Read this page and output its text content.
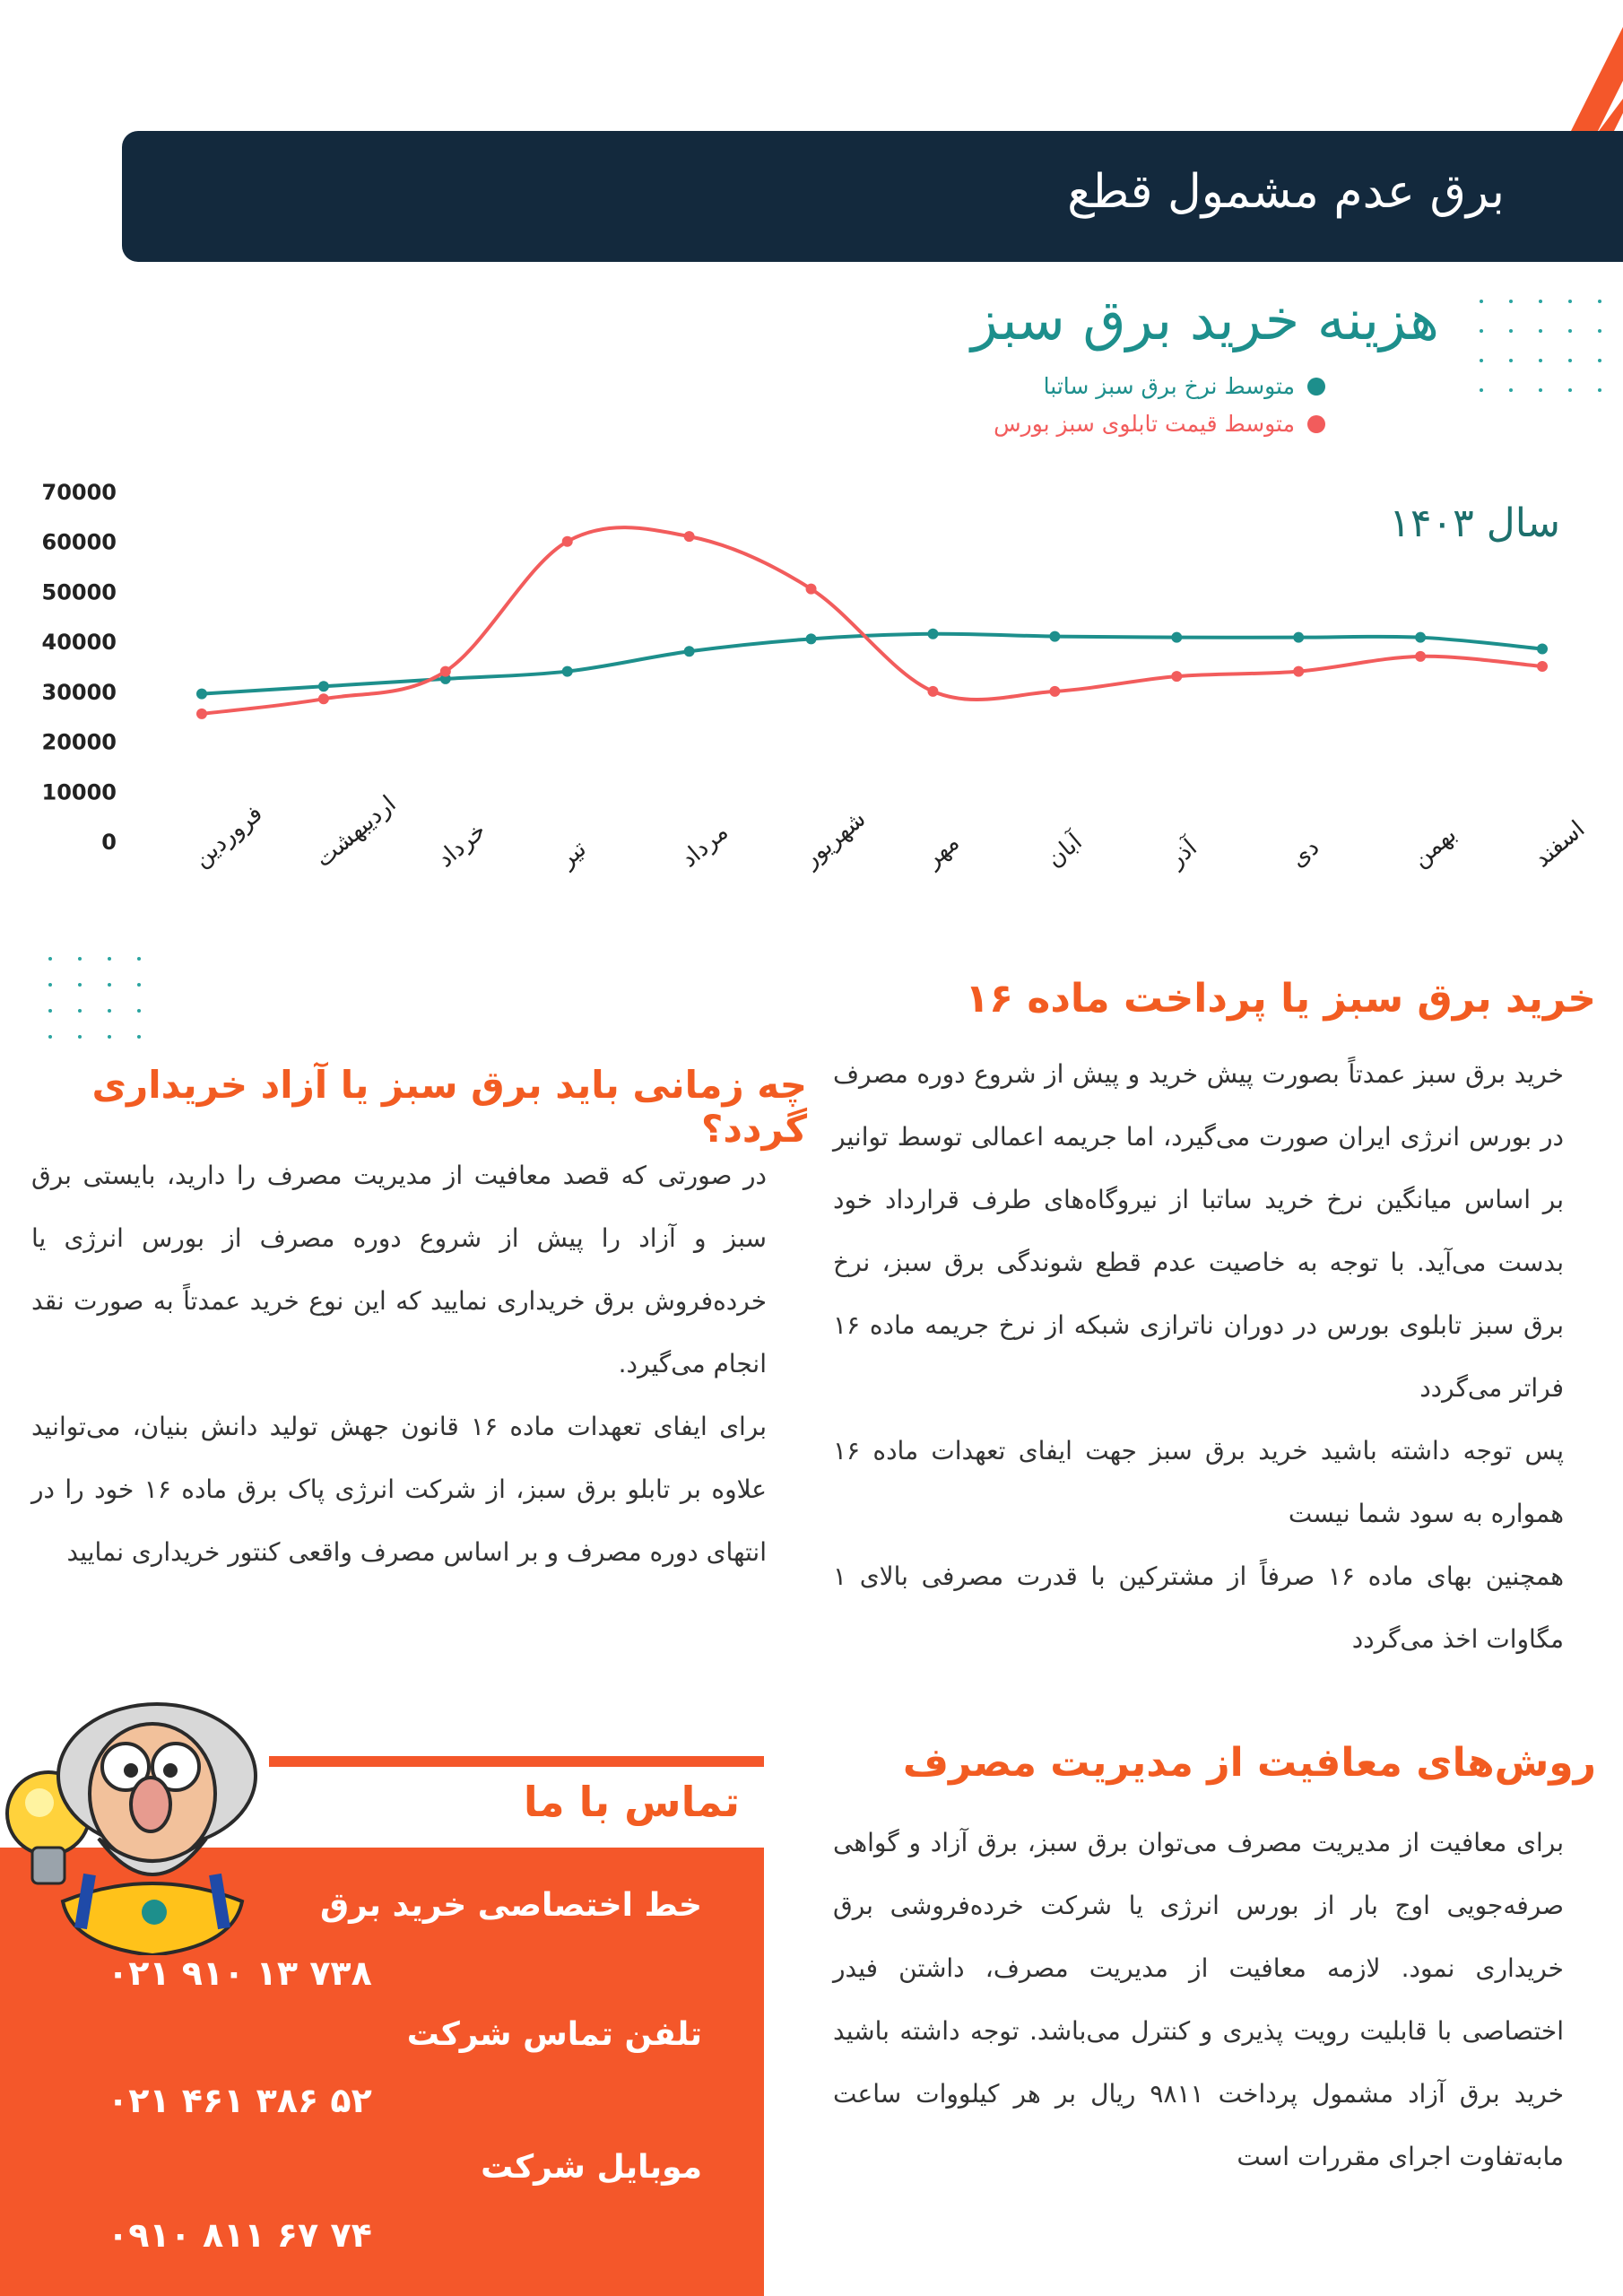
برق عدم مشمول قطع
هزینه خرید برق سبز
متوسط نرخ برق سبز ساتبا
متوسط قیمت تابلوی سبز بورس
سال ۱۴۰۳
70000
60000
50000
40000
30000
20000
10000
0	فروردین اردیبهشت خرداد	تیر	مرداد	شهریور مهر	آبان	آذر	دی	بهمن	اسفند
خرید برق سبز یا پرداخت ماده ۱۶
خرید برق سبز عمدتاً بصورت پیش خرید و پیش از شروع دوره مصرف در بورس انرژی ایران صورت می‌گیرد، اما جریمه اعمالی توسط توانیر بر اساس میانگین نرخ خرید ساتبا از نیروگاه‌های طرف قرارداد خود بدست می‌آید. با توجه به خاصیت عدم قطع شوندگی برق سبز، نرخ برق سبز تابلوی بورس در دوران ناترازی شبکه از نرخ جریمه ماده ۱۶ فراتر می‌گردد
پس توجه داشته باشید خرید برق سبز جهت ایفای تعهدات ماده ۱۶ همواره به سود شما نیست
همچنین بهای ماده ۱۶ صرفاً از مشترکین با قدرت مصرفی بالای ۱ مگاوات اخذ می‌گردد
روش‌های معافیت از مدیریت مصرف
برای معافیت از مدیریت مصرف می‌توان برق سبز، برق آزاد و گواهی صرفه‌جویی اوج بار از بورس انرژی یا شرکت خرده‌فروشی برق خریداری نمود. لازمه معافیت از مدیریت مصرف، داشتن فیدر اختصاصی با قابلیت رویت پذیری و کنترل می‌باشد. توجه داشته باشید خرید برق آزاد مشمول پرداخت ۹۸۱۱ ریال بر هر کیلووات ساعت مابه‌تفاوت اجرای مقررات است
چه زمانی باید برق سبز یا آزاد خریداری گردد؟
در صورتی که قصد معافیت از مدیریت مصرف را دارید، بایستی برق سبز و آزاد را پیش از شروع دوره مصرف از بورس انرژی یا خرده‌فروش برق خریداری نمایید که این نوع خرید عمدتاً به صورت نقد انجام می‌گیرد.
برای ایفای تعهدات ماده ۱۶ قانون جهش تولید دانش بنیان، می‌توانید علاوه بر تابلو برق سبز، از شرکت انرژی پاک برق ماده ۱۶ خود را در انتهای دوره مصرف و بر اساس مصرف واقعی کنتور خریداری نمایید
تماس با ما
خط اختصاصی خرید برق
۰۲۱ ۹۱۰ ۱۳ ۷۳۸
تلفن تماس شرکت
۰۲۱ ۴۶۱ ۳۸۶ ۵۲
موبایل شرکت
۰۹۱۰ ۸۱۱ ۶۷ ۷۴
